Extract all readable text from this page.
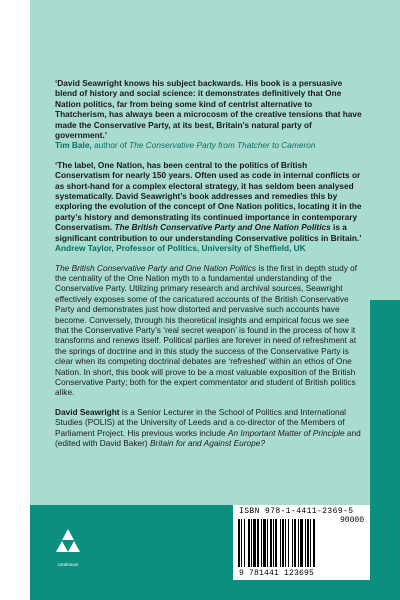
‘David Seawright knows his subject backwards. His book is a persuasive blend of history and social science: it demonstrates definitively that One Nation politics, far from being some kind of centrist alternative to Thatcherism, has always been a microcosm of the creative tensions that have made the Conservative Party, at its best, Britain’s natural party of government.’

Tim Bale, author of The Conservative Party from Thatcher to Cameron

‘The label, One Nation, has been central to the politics of British Conservatism for nearly 150 years. Often used as code in internal conflicts or as short-hand for a complex electoral strategy, it has seldom been analysed systematically. David Seawright’s book addresses and remedies this by exploring the evolution of the concept of One Nation politics, locating it in the party’s history and demonstrating its continued importance in contemporary Conservatism. The British Conservative Party and One Nation Politics is a significant contribution to our understanding Conservative politics in Britain.’

Andrew Taylor, Professor of Politics, University of Sheffield, UK

The British Conservative Party and One Nation Politics is the first in depth study of the centrality of the One Nation myth to a fundamental understanding of the Conservative Party. Utilizing primary research and archival sources, Seawright effectively exposes some of the caricatured accounts of the British Conservative Party and demonstrates just how distorted and pervasive such accounts have become. Conversely, through his theoretical insights and empirical focus we see that the Conservative Party’s ‘real secret weapon’ is found in the process of how it transforms and renews itself. Political parties are forever in need of refreshment at the springs of doctrine and in this study the success of the Conservative Party is clear when its competing doctrinal debates are ‘refreshed’ within an ethos of One Nation. In short, this book will prove to be a most valuable exposition of the British Conservative Party; both for the expert commentator and student of British politics alike.

David Seawright is a Senior Lecturer in the School of Politics and International Studies (POLIS) at the University of Leeds and a co-director of the Members of Parliament Project. His previous works include An Important Matter of Principle and (edited with David Baker) Britain for and Against Europe?

ISBN 978-1-4411-2369-5
90000
9 781441 123695
continuum
